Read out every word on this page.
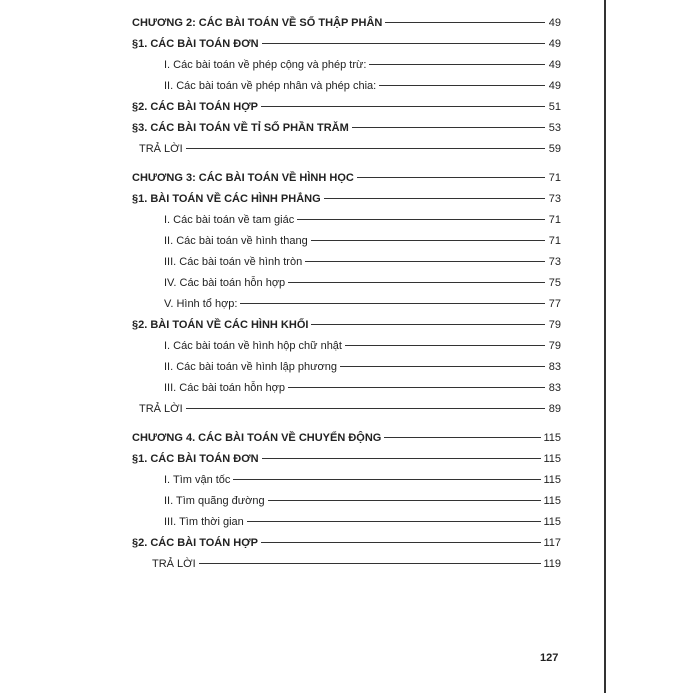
CHƯƠNG 2: CÁC BÀI TOÁN VỀ SỐ THẬP PHÂN	49
§1. CÁC BÀI TOÁN ĐƠN	49
I. Các bài toán về phép cộng và phép trừ:	49
II. Các bài toán về phép nhân và phép chia:	49
§2. CÁC BÀI TOÁN HỢP	51
§3. CÁC BÀI TOÁN VỀ TỈ SỐ PHẦN TRĂM	53
TRẢ LỜI	59
CHƯƠNG 3: CÁC BÀI TOÁN VỀ HÌNH HỌC	71
§1. BÀI TOÁN VỀ CÁC HÌNH PHẲNG	73
I. Các bài toán về tam giác	71
II. Các bài toán về hình thang	71
III. Các bài toán về hình tròn	73
IV. Các bài toán hỗn hợp	75
V. Hình tổ hợp:	77
§2. BÀI TOÁN VỀ CÁC HÌNH KHỐI	79
I. Các bài toán về hình hộp chữ nhật	79
II. Các bài toán về hình lập phương	83
III. Các bài toán hỗn hợp	83
TRẢ LỜI	89
CHƯƠNG 4. CÁC BÀI TOÁN VỀ CHUYỂN ĐỘNG	115
§1. CÁC BÀI TOÁN ĐƠN	115
I. Tìm vận tốc	115
II. Tìm quãng đường	115
III. Tìm thời gian	115
§2. CÁC BÀI TOÁN HỢP	117
TRẢ LỜI	119
127
